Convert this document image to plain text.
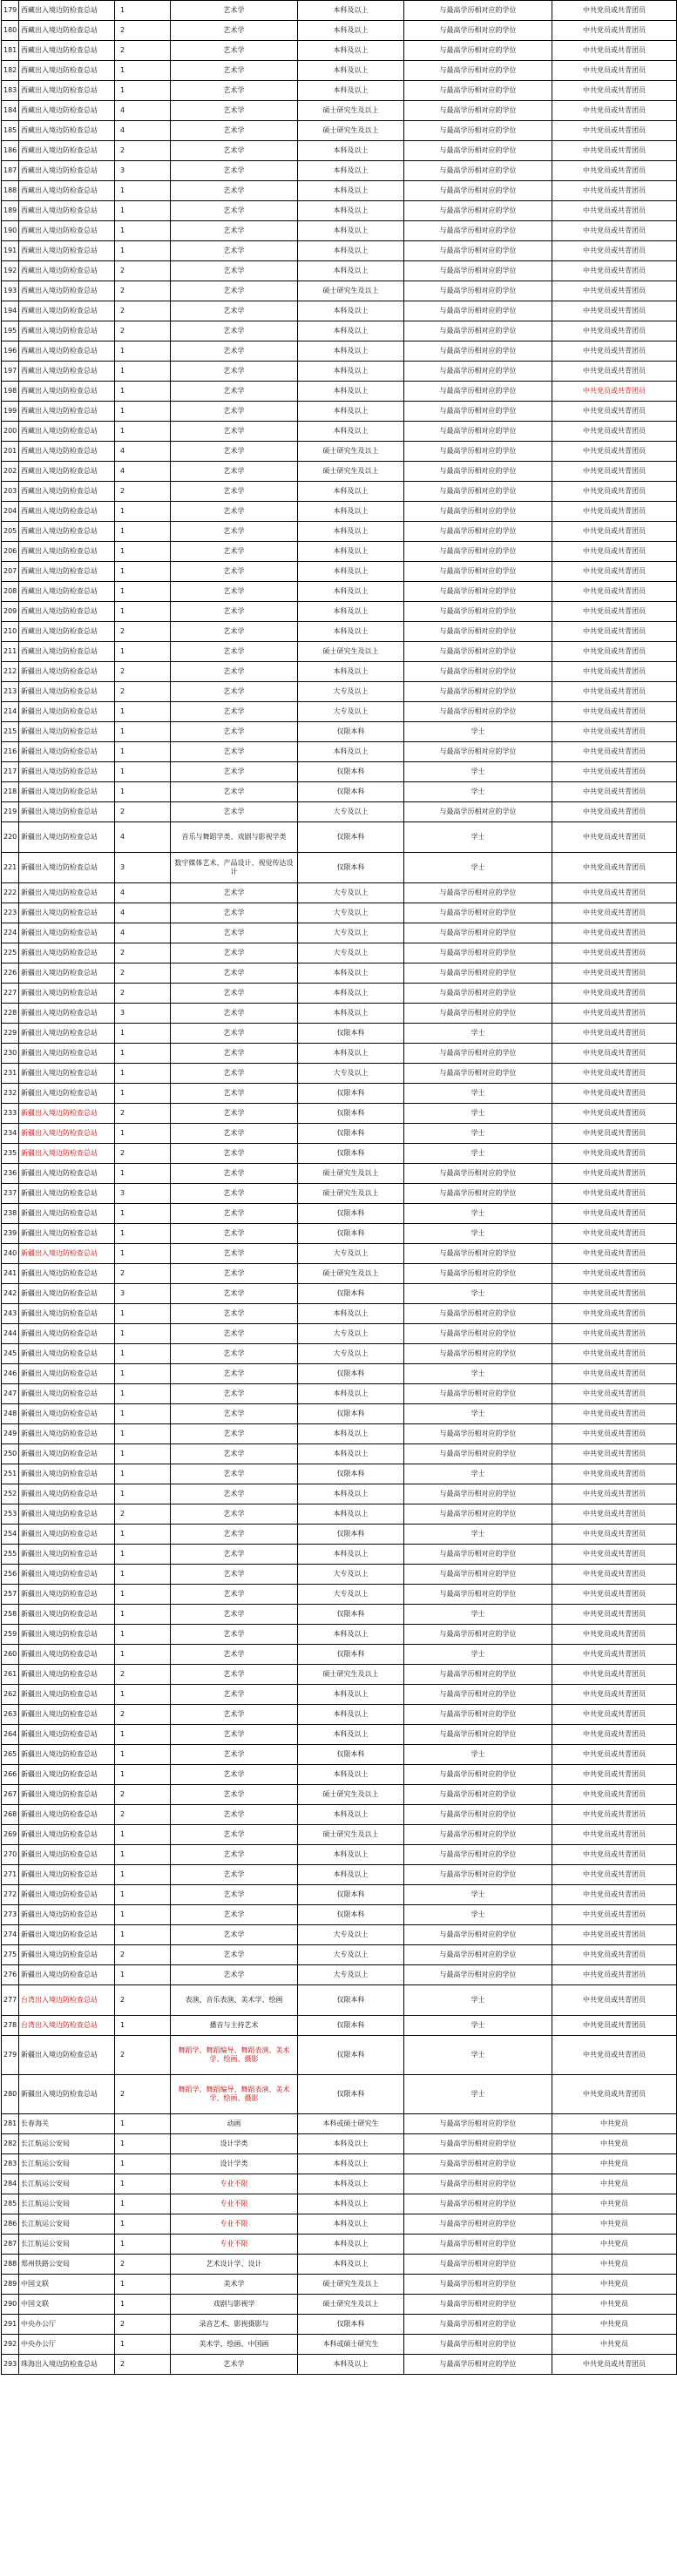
179	西藏出入境边防检查总站	1	艺术学	本科及以上	与最高学历相对应的学位	中共党员或共青团员
180	西藏出入境边防检查总站	2	艺术学	本科及以上	与最高学历相对应的学位	中共党员或共青团员
181	西藏出入境边防检查总站	2	艺术学	本科及以上	与最高学历相对应的学位	中共党员或共青团员
182	西藏出入境边防检查总站	1	艺术学	本科及以上	与最高学历相对应的学位	中共党员或共青团员
183	西藏出入境边防检查总站	1	艺术学	本科及以上	与最高学历相对应的学位	中共党员或共青团员
184	西藏出入境边防检查总站	4	艺术学	硕士研究生及以上	与最高学历相对应的学位	中共党员或共青团员
185	西藏出入境边防检查总站	4	艺术学	硕士研究生及以上	与最高学历相对应的学位	中共党员或共青团员
186	西藏出入境边防检查总站	2	艺术学	本科及以上	与最高学历相对应的学位	中共党员或共青团员
187	西藏出入境边防检查总站	3	艺术学	本科及以上	与最高学历相对应的学位	中共党员或共青团员
188	西藏出入境边防检查总站	1	艺术学	本科及以上	与最高学历相对应的学位	中共党员或共青团员
189	西藏出入境边防检查总站	1	艺术学	本科及以上	与最高学历相对应的学位	中共党员或共青团员
190	西藏出入境边防检查总站	1	艺术学	本科及以上	与最高学历相对应的学位	中共党员或共青团员
191	西藏出入境边防检查总站	1	艺术学	本科及以上	与最高学历相对应的学位	中共党员或共青团员
192	西藏出入境边防检查总站	2	艺术学	本科及以上	与最高学历相对应的学位	中共党员或共青团员
193	西藏出入境边防检查总站	2	艺术学	硕士研究生及以上	与最高学历相对应的学位	中共党员或共青团员
194	西藏出入境边防检查总站	2	艺术学	本科及以上	与最高学历相对应的学位	中共党员或共青团员
195	西藏出入境边防检查总站	2	艺术学	本科及以上	与最高学历相对应的学位	中共党员或共青团员
196	西藏出入境边防检查总站	1	艺术学	本科及以上	与最高学历相对应的学位	中共党员或共青团员
197	西藏出入境边防检查总站	1	艺术学	本科及以上	与最高学历相对应的学位	中共党员或共青团员
198	西藏出入境边防检查总站	1	艺术学	本科及以上	与最高学历相对应的学位	中共党员或共青团员
199	西藏出入境边防检查总站	1	艺术学	本科及以上	与最高学历相对应的学位	中共党员或共青团员
200	西藏出入境边防检查总站	1	艺术学	本科及以上	与最高学历相对应的学位	中共党员或共青团员
201	西藏出入境边防检查总站	4	艺术学	硕士研究生及以上	与最高学历相对应的学位	中共党员或共青团员
202	西藏出入境边防检查总站	4	艺术学	硕士研究生及以上	与最高学历相对应的学位	中共党员或共青团员
203	西藏出入境边防检查总站	2	艺术学	本科及以上	与最高学历相对应的学位	中共党员或共青团员
204	西藏出入境边防检查总站	1	艺术学	本科及以上	与最高学历相对应的学位	中共党员或共青团员
205	西藏出入境边防检查总站	1	艺术学	本科及以上	与最高学历相对应的学位	中共党员或共青团员
206	西藏出入境边防检查总站	1	艺术学	本科及以上	与最高学历相对应的学位	中共党员或共青团员
207	西藏出入境边防检查总站	1	艺术学	本科及以上	与最高学历相对应的学位	中共党员或共青团员
208	西藏出入境边防检查总站	1	艺术学	本科及以上	与最高学历相对应的学位	中共党员或共青团员
209	西藏出入境边防检查总站	1	艺术学	本科及以上	与最高学历相对应的学位	中共党员或共青团员
210	西藏出入境边防检查总站	2	艺术学	本科及以上	与最高学历相对应的学位	中共党员或共青团员
211	西藏出入境边防检查总站	1	艺术学	硕士研究生及以上	与最高学历相对应的学位	中共党员或共青团员
212	新疆出入境边防检查总站	2	艺术学	本科及以上	与最高学历相对应的学位	中共党员或共青团员
213	新疆出入境边防检查总站	2	艺术学	大专及以上	与最高学历相对应的学位	中共党员或共青团员
214	新疆出入境边防检查总站	1	艺术学	大专及以上	与最高学历相对应的学位	中共党员或共青团员
215	新疆出入境边防检查总站	1	艺术学	仅限本科	学士	中共党员或共青团员
216	新疆出入境边防检查总站	1	艺术学	本科及以上	与最高学历相对应的学位	中共党员或共青团员
217	新疆出入境边防检查总站	1	艺术学	仅限本科	学士	中共党员或共青团员
218	新疆出入境边防检查总站	1	艺术学	仅限本科	学士	中共党员或共青团员
219	新疆出入境边防检查总站	2	艺术学	大专及以上	与最高学历相对应的学位	中共党员或共青团员
220	新疆出入境边防检查总站	4	音乐与舞蹈学类、戏剧与影视学类	仅限本科	学士	中共党员或共青团员
221	新疆出入境边防检查总站	3	数字媒体艺术、产品设计、视觉传达设计	仅限本科	学士	中共党员或共青团员
222	新疆出入境边防检查总站	4	艺术学	大专及以上	与最高学历相对应的学位	中共党员或共青团员
223	新疆出入境边防检查总站	4	艺术学	大专及以上	与最高学历相对应的学位	中共党员或共青团员
224	新疆出入境边防检查总站	4	艺术学	大专及以上	与最高学历相对应的学位	中共党员或共青团员
225	新疆出入境边防检查总站	2	艺术学	大专及以上	与最高学历相对应的学位	中共党员或共青团员
226	新疆出入境边防检查总站	2	艺术学	本科及以上	与最高学历相对应的学位	中共党员或共青团员
227	新疆出入境边防检查总站	2	艺术学	本科及以上	与最高学历相对应的学位	中共党员或共青团员
228	新疆出入境边防检查总站	3	艺术学	本科及以上	与最高学历相对应的学位	中共党员或共青团员
229	新疆出入境边防检查总站	1	艺术学	仅限本科	学士	中共党员或共青团员
230	新疆出入境边防检查总站	1	艺术学	本科及以上	与最高学历相对应的学位	中共党员或共青团员
231	新疆出入境边防检查总站	1	艺术学	大专及以上	与最高学历相对应的学位	中共党员或共青团员
232	新疆出入境边防检查总站	1	艺术学	仅限本科	学士	中共党员或共青团员
233	新疆出入境边防检查总站	2	艺术学	仅限本科	学士	中共党员或共青团员
234	新疆出入境边防检查总站	1	艺术学	仅限本科	学士	中共党员或共青团员
235	新疆出入境边防检查总站	2	艺术学	仅限本科	学士	中共党员或共青团员
236	新疆出入境边防检查总站	1	艺术学	硕士研究生及以上	与最高学历相对应的学位	中共党员或共青团员
237	新疆出入境边防检查总站	3	艺术学	硕士研究生及以上	与最高学历相对应的学位	中共党员或共青团员
238	新疆出入境边防检查总站	1	艺术学	仅限本科	学士	中共党员或共青团员
239	新疆出入境边防检查总站	1	艺术学	仅限本科	学士	中共党员或共青团员
240	新疆出入境边防检查总站	1	艺术学	大专及以上	与最高学历相对应的学位	中共党员或共青团员
241	新疆出入境边防检查总站	2	艺术学	硕士研究生及以上	与最高学历相对应的学位	中共党员或共青团员
242	新疆出入境边防检查总站	3	艺术学	仅限本科	学士	中共党员或共青团员
243	新疆出入境边防检查总站	1	艺术学	本科及以上	与最高学历相对应的学位	中共党员或共青团员
244	新疆出入境边防检查总站	1	艺术学	大专及以上	与最高学历相对应的学位	中共党员或共青团员
245	新疆出入境边防检查总站	1	艺术学	大专及以上	与最高学历相对应的学位	中共党员或共青团员
246	新疆出入境边防检查总站	1	艺术学	仅限本科	学士	中共党员或共青团员
247	新疆出入境边防检查总站	1	艺术学	本科及以上	与最高学历相对应的学位	中共党员或共青团员
248	新疆出入境边防检查总站	1	艺术学	仅限本科	学士	中共党员或共青团员
249	新疆出入境边防检查总站	1	艺术学	本科及以上	与最高学历相对应的学位	中共党员或共青团员
250	新疆出入境边防检查总站	1	艺术学	本科及以上	与最高学历相对应的学位	中共党员或共青团员
251	新疆出入境边防检查总站	1	艺术学	仅限本科	学士	中共党员或共青团员
252	新疆出入境边防检查总站	1	艺术学	本科及以上	与最高学历相对应的学位	中共党员或共青团员
253	新疆出入境边防检查总站	2	艺术学	本科及以上	与最高学历相对应的学位	中共党员或共青团员
254	新疆出入境边防检查总站	1	艺术学	仅限本科	学士	中共党员或共青团员
255	新疆出入境边防检查总站	1	艺术学	本科及以上	与最高学历相对应的学位	中共党员或共青团员
256	新疆出入境边防检查总站	1	艺术学	大专及以上	与最高学历相对应的学位	中共党员或共青团员
257	新疆出入境边防检查总站	1	艺术学	大专及以上	与最高学历相对应的学位	中共党员或共青团员
258	新疆出入境边防检查总站	1	艺术学	仅限本科	学士	中共党员或共青团员
259	新疆出入境边防检查总站	1	艺术学	本科及以上	与最高学历相对应的学位	中共党员或共青团员
260	新疆出入境边防检查总站	1	艺术学	仅限本科	学士	中共党员或共青团员
261	新疆出入境边防检查总站	2	艺术学	硕士研究生及以上	与最高学历相对应的学位	中共党员或共青团员
262	新疆出入境边防检查总站	1	艺术学	本科及以上	与最高学历相对应的学位	中共党员或共青团员
263	新疆出入境边防检查总站	2	艺术学	本科及以上	与最高学历相对应的学位	中共党员或共青团员
264	新疆出入境边防检查总站	1	艺术学	本科及以上	与最高学历相对应的学位	中共党员或共青团员
265	新疆出入境边防检查总站	1	艺术学	仅限本科	学士	中共党员或共青团员
266	新疆出入境边防检查总站	1	艺术学	本科及以上	与最高学历相对应的学位	中共党员或共青团员
267	新疆出入境边防检查总站	2	艺术学	硕士研究生及以上	与最高学历相对应的学位	中共党员或共青团员
268	新疆出入境边防检查总站	2	艺术学	本科及以上	与最高学历相对应的学位	中共党员或共青团员
269	新疆出入境边防检查总站	1	艺术学	硕士研究生及以上	与最高学历相对应的学位	中共党员或共青团员
270	新疆出入境边防检查总站	1	艺术学	本科及以上	与最高学历相对应的学位	中共党员或共青团员
271	新疆出入境边防检查总站	1	艺术学	本科及以上	与最高学历相对应的学位	中共党员或共青团员
272	新疆出入境边防检查总站	1	艺术学	仅限本科	学士	中共党员或共青团员
273	新疆出入境边防检查总站	1	艺术学	仅限本科	学士	中共党员或共青团员
274	新疆出入境边防检查总站	1	艺术学	大专及以上	与最高学历相对应的学位	中共党员或共青团员
275	新疆出入境边防检查总站	2	艺术学	大专及以上	与最高学历相对应的学位	中共党员或共青团员
276	新疆出入境边防检查总站	1	艺术学	大专及以上	与最高学历相对应的学位	中共党员或共青团员
277	台湾出入境边防检查总站	2	表演、音乐表演、美术学、绘画	仅限本科	学士	中共党员或共青团员
278	台湾出入境边防检查总站	1	播音与主持艺术	仅限本科	学士	中共党员或共青团员
279	新疆出入境边防检查总站	2	舞蹈学、舞蹈编导、舞蹈表演、美术学、绘画、摄影	仅限本科	学士	中共党员或共青团员
280	新疆出入境边防检查总站	2	舞蹈学、舞蹈编导、舞蹈表演、美术学、绘画、摄影	仅限本科	学士	中共党员或共青团员
281	长春海关	1	动画	本科或硕士研究生	与最高学历相对应的学位	中共党员
282	长江航运公安局	1	设计学类	本科及以上	与最高学历相对应的学位	中共党员
283	长江航运公安局	1	设计学类	本科及以上	与最高学历相对应的学位	中共党员
284	长江航运公安局	1	专业不限	本科及以上	与最高学历相对应的学位	中共党员
285	长江航运公安局	1	专业不限	本科及以上	与最高学历相对应的学位	中共党员
286	长江航运公安局	1	专业不限	本科及以上	与最高学历相对应的学位	中共党员
287	长江航运公安局	1	专业不限	本科及以上	与最高学历相对应的学位	中共党员
288	郑州铁路公安局	2	艺术设计学、设计	本科及以上	与最高学历相对应的学位	中共党员
289	中国文联	1	美术学	硕士研究生及以上	与最高学历相对应的学位	中共党员
290	中国文联	1	戏剧与影视学	硕士研究生及以上	与最高学历相对应的学位	中共党员
291	中央办公厅	2	录音艺术、影视摄影与	仅限本科	与最高学历相对应的学位	中共党员
292	中央办公厅	1	美术学、绘画、中国画	本科或硕士研究生	与最高学历相对应的学位	中共党员
293	珠海出入境边防检查总站	2	艺术学	本科及以上	与最高学历相对应的学位	中共党员或共青团员
